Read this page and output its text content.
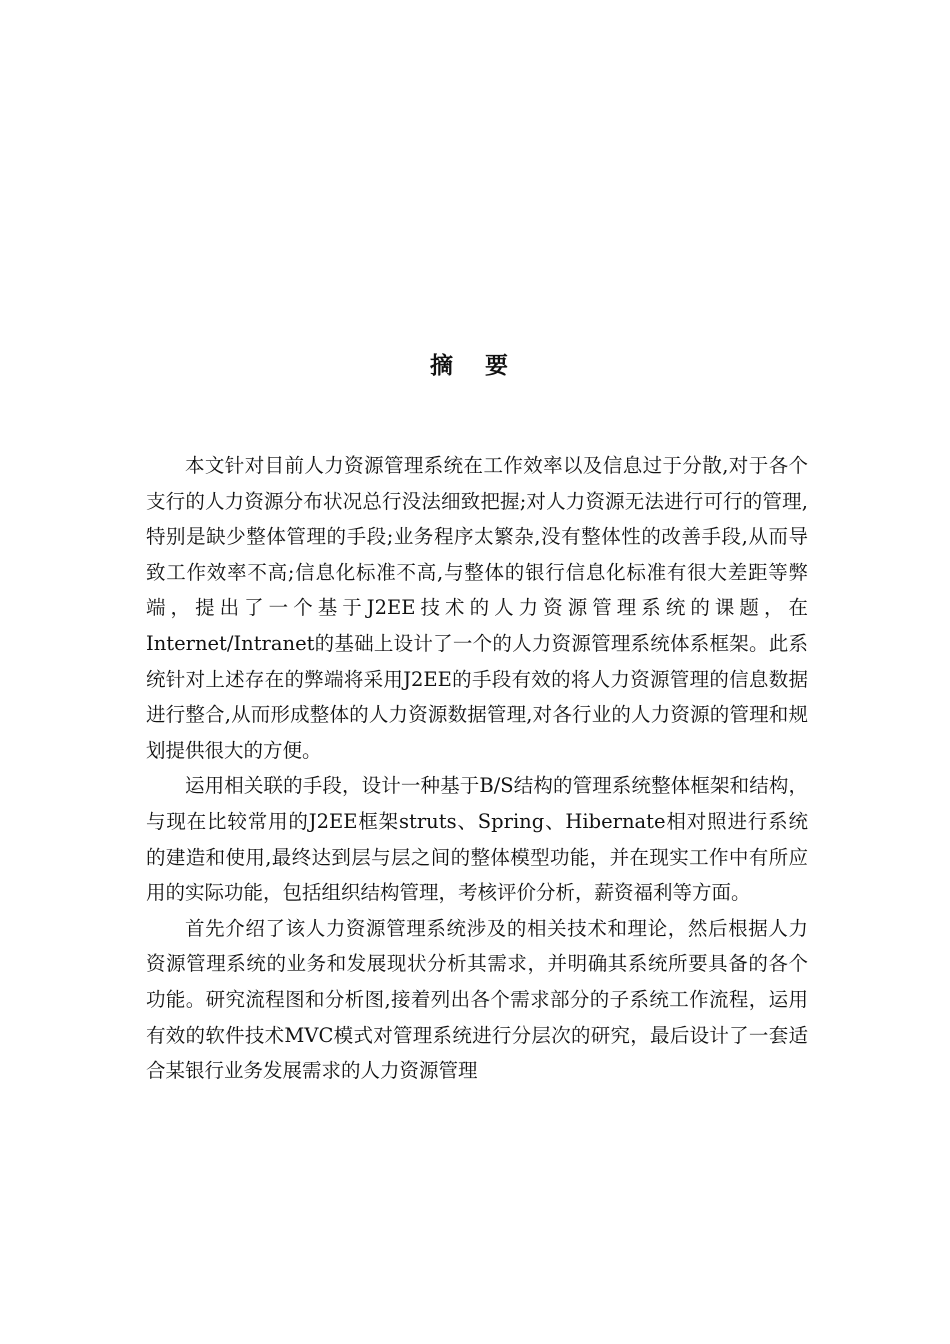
摘 要

本文针对目前人力资源管理系统在工作效率以及信息过于分散,对于各个支行的人力资源分布状况总行没法细致把握;对人力资源无法进行可行的管理,特别是缺少整体管理的手段;业务程序太繁杂,没有整体性的改善手段,从而导致工作效率不高;信息化标准不高,与整体的银行信息化标准有很大差距等弊端，提出了一个基于J2EE技术的人力资源管理系统的课题，在Internet/Intranet的基础上设计了一个的人力资源管理系统体系框架。此系统针对上述存在的弊端将采用J2EE的手段有效的将人力资源管理的信息数据进行整合,从而形成整体的人力资源数据管理,对各行业的人力资源的管理和规划提供很大的方便。

运用相关联的手段，设计一种基于B/S结构的管理系统整体框架和结构，与现在比较常用的J2EE框架struts、Spring、Hibernate相对照进行系统的建造和使用,最终达到层与层之间的整体模型功能，并在现实工作中有所应用的实际功能，包括组织结构管理，考核评价分析，薪资福利等方面。

首先介绍了该人力资源管理系统涉及的相关技术和理论，然后根据人力资源管理系统的业务和发展现状分析其需求，并明确其系统所要具备的各个功能。研究流程图和分析图,接着列出各个需求部分的子系统工作流程，运用有效的软件技术MVC模式对管理系统进行分层次的研究，最后设计了一套适合某银行业务发展需求的人力资源管理
